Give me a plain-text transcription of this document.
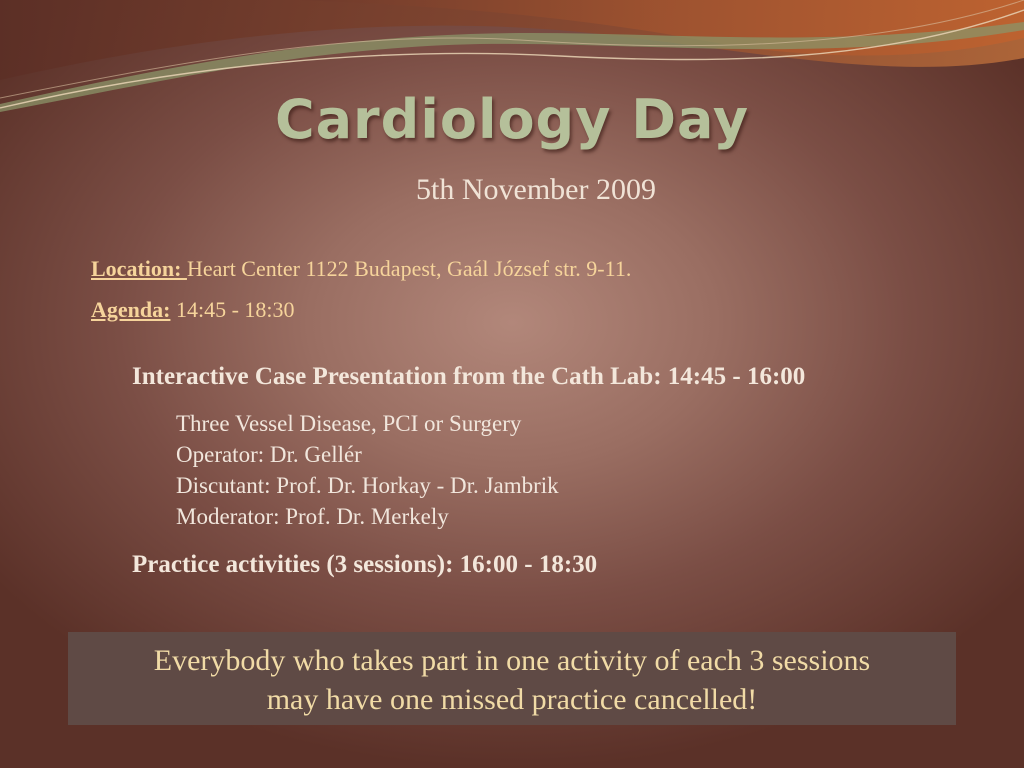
Cardiology Day

5th November 2009

Location: Heart Center 1122 Budapest, Gaál József str. 9-11.
Agenda: 14:45 - 18:30

Interactive Case Presentation from the Cath Lab: 14:45 - 16:00

Three Vessel Disease, PCI or Surgery
Operator: Dr. Gellér
Discutant: Prof. Dr. Horkay - Dr. Jambrik
Moderator: Prof. Dr. Merkely

Practice activities (3 sessions): 16:00 - 18:30

Everybody who takes part in one activity of each 3 sessions
may have one missed practice cancelled!
